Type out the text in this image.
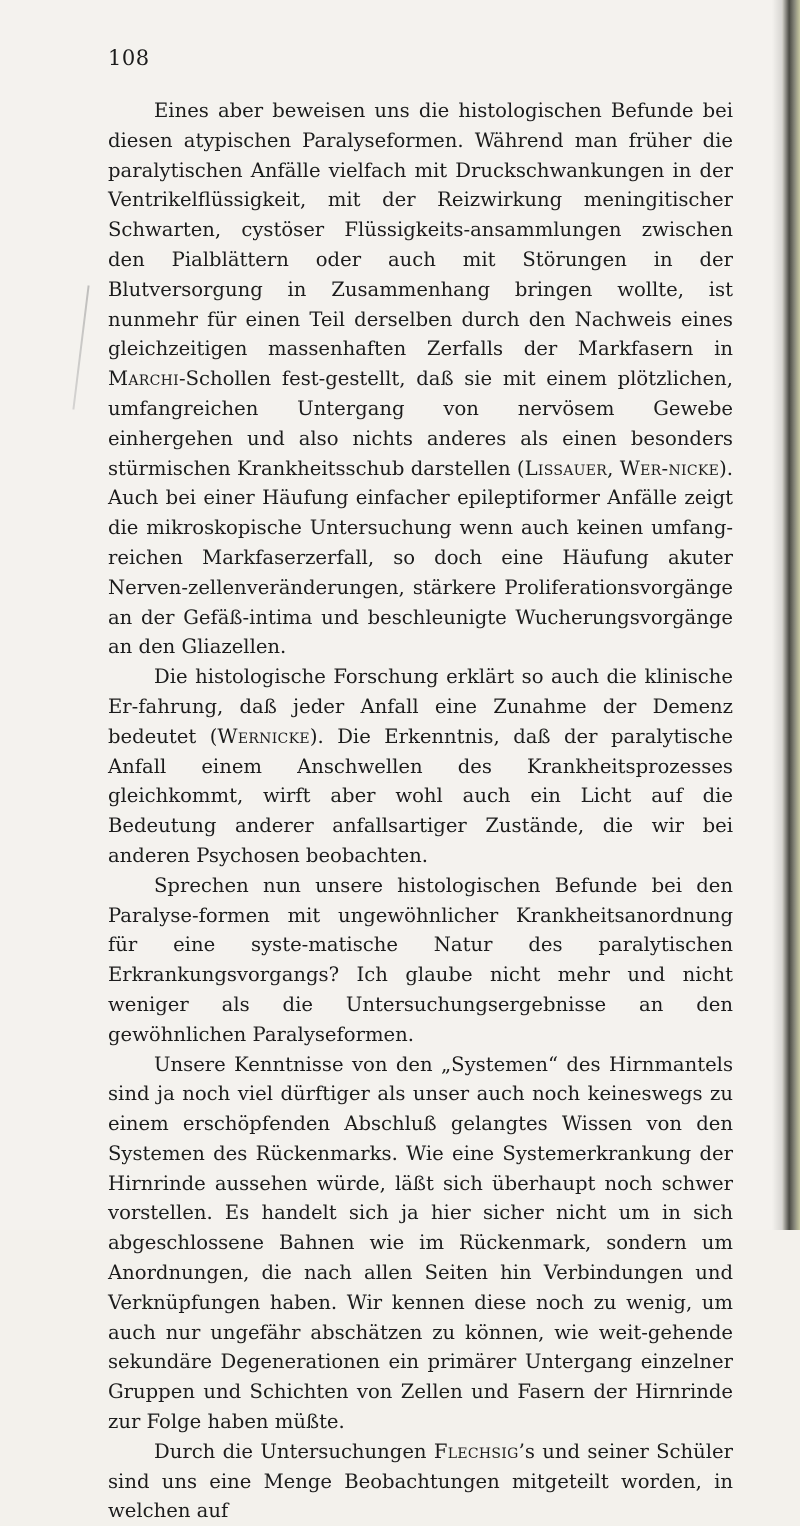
108

Eines aber beweisen uns die histologischen Befunde bei diesen atypischen Paralyseformen. Während man früher die paralytischen Anfälle vielfach mit Druckschwankungen in der Ventrikelflüssigkeit, mit der Reizwirkung meningitischer Schwarten, cystöser Flüssigkeits-ansammlungen zwischen den Pialblättern oder auch mit Störungen in der Blutversorgung in Zusammenhang bringen wollte, ist nunmehr für einen Teil derselben durch den Nachweis eines gleichzeitigen massenhaften Zerfalls der Markfasern in Marchi-Schollen fest-gestellt, daß sie mit einem plötzlichen, umfangreichen Untergang von nervösem Gewebe einhergehen und also nichts anderes als einen besonders stürmischen Krankheitsschub darstellen (Lissauer, Wer-nicke). Auch bei einer Häufung einfacher epileptiformer Anfälle zeigt die mikroskopische Untersuchung wenn auch keinen umfang-reichen Markfaserzerfall, so doch eine Häufung akuter Nerven-zellenveränderungen, stärkere Proliferationsvorgänge an der Gefäß-intima und beschleunigte Wucherungsvorgänge an den Gliazellen.

Die histologische Forschung erklärt so auch die klinische Er-fahrung, daß jeder Anfall eine Zunahme der Demenz bedeutet (Wernicke). Die Erkenntnis, daß der paralytische Anfall einem Anschwellen des Krankheitsprozesses gleichkommt, wirft aber wohl auch ein Licht auf die Bedeutung anderer anfallsartiger Zustände, die wir bei anderen Psychosen beobachten.

Sprechen nun unsere histologischen Befunde bei den Paralyse-formen mit ungewöhnlicher Krankheitsanordnung für eine syste-matische Natur des paralytischen Erkrankungsvorgangs? Ich glaube nicht mehr und nicht weniger als die Untersuchungsergebnisse an den gewöhnlichen Paralyseformen.

Unsere Kenntnisse von den „Systemen“ des Hirnmantels sind ja noch viel dürftiger als unser auch noch keineswegs zu einem erschöpfenden Abschluß gelangtes Wissen von den Systemen des Rückenmarks. Wie eine Systemerkrankung der Hirnrinde aussehen würde, läßt sich überhaupt noch schwer vorstellen. Es handelt sich ja hier sicher nicht um in sich abgeschlossene Bahnen wie im Rückenmark, sondern um Anordnungen, die nach allen Seiten hin Verbindungen und Verknüpfungen haben. Wir kennen diese noch zu wenig, um auch nur ungefähr abschätzen zu können, wie weit-gehende sekundäre Degenerationen ein primärer Untergang einzelner Gruppen und Schichten von Zellen und Fasern der Hirnrinde zur Folge haben müßte.

Durch die Untersuchungen Flechsig’s und seiner Schüler sind uns eine Menge Beobachtungen mitgeteilt worden, in welchen auf
